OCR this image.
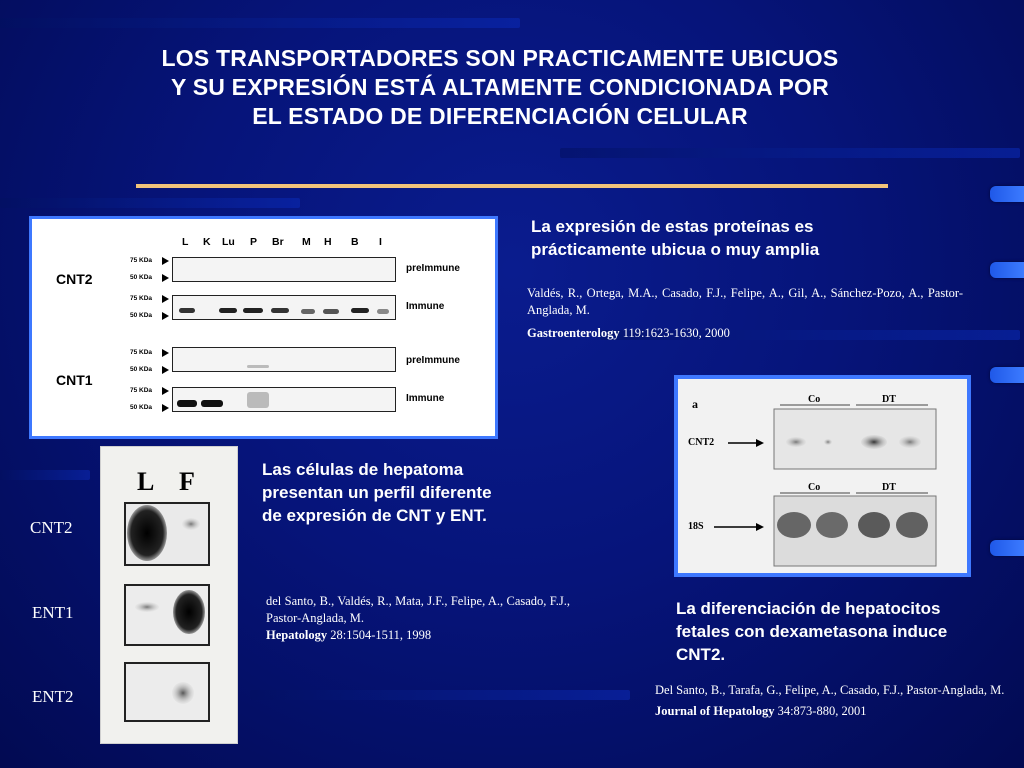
LOS TRANSPORTADORES SON PRACTICAMENTE UBICUOS
Y SU EXPRESIÓN ESTÁ ALTAMENTE CONDICIONADA POR
EL ESTADO DE DIFERENCIACIÓN CELULAR
L K Lu P Br M H B I
CNT2
CNT1
75 KDa
50 KDa
preImmune
75 KDa
50 KDa
Immune
75 KDa
50 KDa
preImmune
75 KDa
50 KDa
Immune
La expresión de estas proteínas es prácticamente ubicua o muy amplia
Valdés, R., Ortega, M.A., Casado, F.J., Felipe, A., Gil, A., Sánchez-Pozo, A., Pastor-Anglada, M.
Gastroenterology 119:1623-1630, 2000
a	Co	DT
CNT2
Co	DT
18S
La diferenciación de hepatocitos fetales con dexametasona induce CNT2.
Del Santo, B., Tarafa, G., Felipe, A., Casado, F.J., Pastor-Anglada, M.
Journal of Hepatology 34:873-880, 2001
L F
CNT2
ENT1
ENT2
Las células de hepatoma presentan un perfil diferente de expresión de CNT y ENT.
del Santo, B., Valdés, R., Mata, J.F., Felipe, A., Casado, F.J., Pastor-Anglada, M.
Hepatology 28:1504-1511, 1998
